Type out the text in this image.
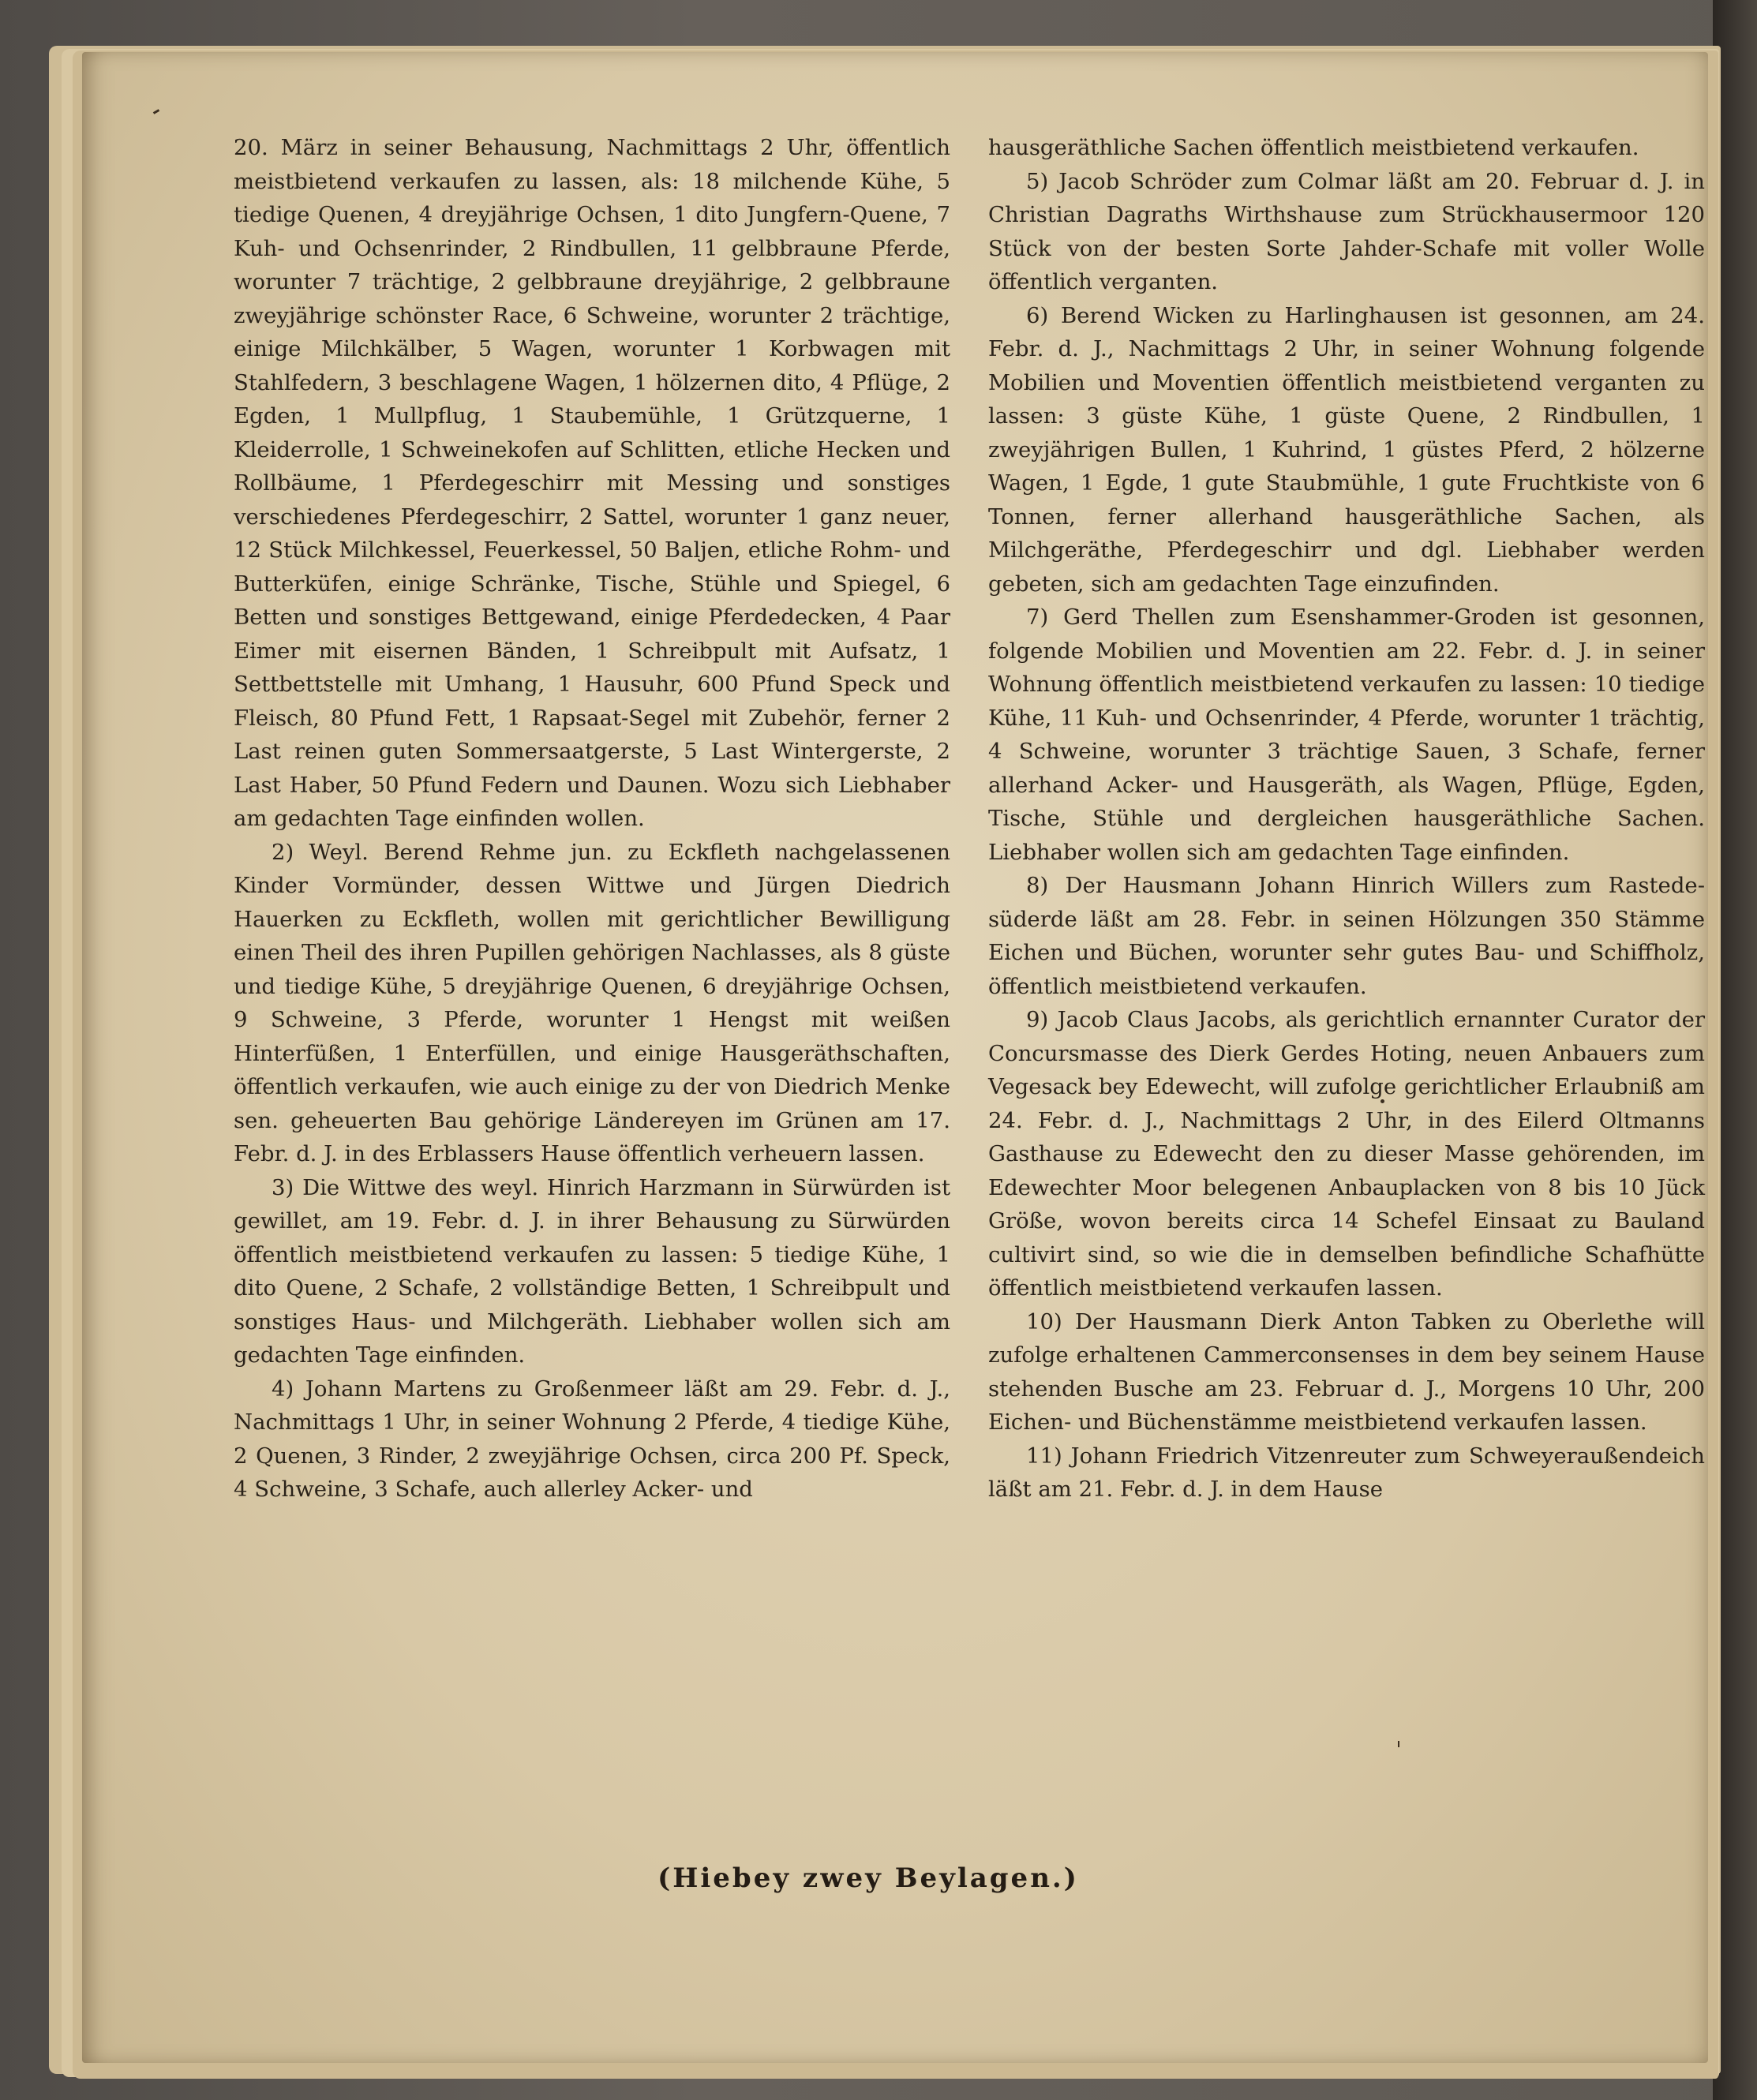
20. März in seiner Behausung, Nachmittags 2 Uhr, öffentlich meistbietend verkaufen zu lassen, als: 18 milchende Kühe, 5 tiedige Quenen, 4 dreyjährige Ochsen, 1 dito Jungfern-Quene, 7 Kuh- und Ochsenrinder, 2 Rindbullen, 11 gelbbraune Pferde, worunter 7 trächtige, 2 gelbbraune dreyjährige, 2 gelbbraune zweyjährige schönster Race, 6 Schweine, worunter 2 trächtige, einige Milchkälber, 5 Wagen, worunter 1 Korbwagen mit Stahlfedern, 3 beschlagene Wagen, 1 hölzernen dito, 4 Pflüge, 2 Egden, 1 Mullpflug, 1 Staubemühle, 1 Grützquerne, 1 Kleiderrolle, 1 Schweinekofen auf Schlitten, etliche Hecken und Rollbäume, 1 Pferdegeschirr mit Messing und sonstiges verschiedenes Pferdegeschirr, 2 Sattel, worunter 1 ganz neuer, 12 Stück Milchkessel, Feuerkessel, 50 Baljen, etliche Rohm- und Butterküfen, einige Schränke, Tische, Stühle und Spiegel, 6 Betten und sonstiges Bettgewand, einige Pferdedecken, 4 Paar Eimer mit eisernen Bänden, 1 Schreibpult mit Aufsatz, 1 Settbettstelle mit Umhang, 1 Hausuhr, 600 Pfund Speck und Fleisch, 80 Pfund Fett, 1 Rapsaat-Segel mit Zubehör, ferner 2 Last reinen guten Sommersaatgerste, 5 Last Wintergerste, 2 Last Haber, 50 Pfund Federn und Daunen. Wozu sich Liebhaber am gedachten Tage einfinden wollen.

2) Weyl. Berend Rehme jun. zu Eckfleth nachgelassenen Kinder Vormünder, dessen Wittwe und Jürgen Diedrich Hauerken zu Eckfleth, wollen mit gerichtlicher Bewilligung einen Theil des ihren Pupillen gehörigen Nachlasses, als 8 güste und tiedige Kühe, 5 dreyjährige Quenen, 6 dreyjährige Ochsen, 9 Schweine, 3 Pferde, worunter 1 Hengst mit weißen Hinterfüßen, 1 Enterfüllen, und einige Hausgeräthschaften, öffentlich verkaufen, wie auch einige zu der von Diedrich Menke sen. geheuerten Bau gehörige Ländereyen im Grünen am 17. Febr. d. J. in des Erblassers Hause öffentlich verheuern lassen.

3) Die Wittwe des weyl. Hinrich Harzmann in Sürwürden ist gewillet, am 19. Febr. d. J. in ihrer Behausung zu Sürwürden öffentlich meistbietend verkaufen zu lassen: 5 tiedige Kühe, 1 dito Quene, 2 Schafe, 2 vollständige Betten, 1 Schreibpult und sonstiges Haus- und Milchgeräth. Liebhaber wollen sich am gedachten Tage einfinden.

4) Johann Martens zu Großenmeer läßt am 29. Febr. d. J., Nachmittags 1 Uhr, in seiner Wohnung 2 Pferde, 4 tiedige Kühe, 2 Quenen, 3 Rinder, 2 zweyjährige Ochsen, circa 200 Pf. Speck, 4 Schweine, 3 Schafe, auch allerley Acker- und

hausgeräthliche Sachen öffentlich meistbietend verkaufen.

5) Jacob Schröder zum Colmar läßt am 20. Februar d. J. in Christian Dagraths Wirthshause zum Strückhausermoor 120 Stück von der besten Sorte Jahder-Schafe mit voller Wolle öffentlich verganten.

6) Berend Wicken zu Harlinghausen ist gesonnen, am 24. Febr. d. J., Nachmittags 2 Uhr, in seiner Wohnung folgende Mobilien und Moventien öffentlich meistbietend verganten zu lassen: 3 güste Kühe, 1 güste Quene, 2 Rindbullen, 1 zweyjährigen Bullen, 1 Kuhrind, 1 güstes Pferd, 2 hölzerne Wagen, 1 Egde, 1 gute Staubmühle, 1 gute Fruchtkiste von 6 Tonnen, ferner allerhand hausgeräthliche Sachen, als Milchgeräthe, Pferdegeschirr und dgl. Liebhaber werden gebeten, sich am gedachten Tage einzufinden.

7) Gerd Thellen zum Esenshammer-Groden ist gesonnen, folgende Mobilien und Moventien am 22. Febr. d. J. in seiner Wohnung öffentlich meistbietend verkaufen zu lassen: 10 tiedige Kühe, 11 Kuh- und Ochsenrinder, 4 Pferde, worunter 1 trächtig, 4 Schweine, worunter 3 trächtige Sauen, 3 Schafe, ferner allerhand Acker- und Hausgeräth, als Wagen, Pflüge, Egden, Tische, Stühle und dergleichen hausgeräthliche Sachen. Liebhaber wollen sich am gedachten Tage einfinden.

8) Der Hausmann Johann Hinrich Willers zum Rastede-süderde läßt am 28. Febr. in seinen Hölzungen 350 Stämme Eichen und Büchen, worunter sehr gutes Bau- und Schiffholz, öffentlich meistbietend verkaufen.

9) Jacob Claus Jacobs, als gerichtlich ernannter Curator der Concursmasse des Dierk Gerdes Hoting, neuen Anbauers zum Vegesack bey Edewecht, will zufolge gerichtlicher Erlaubniß am 24. Febr. d. J., Nachmittags 2 Uhr, in des Eilerd Oltmanns Gasthause zu Edewecht den zu dieser Masse gehörenden, im Edewechter Moor belegenen Anbauplacken von 8 bis 10 Jück Größe, wovon bereits circa 14 Schefel Einsaat zu Bauland cultivirt sind, so wie die in demselben befindliche Schafhütte öffentlich meistbietend verkaufen lassen.

10) Der Hausmann Dierk Anton Tabken zu Oberlethe will zufolge erhaltenen Cammerconsenses in dem bey seinem Hause stehenden Busche am 23. Februar d. J., Morgens 10 Uhr, 200 Eichen- und Büchenstämme meistbietend verkaufen lassen.

11) Johann Friedrich Vitzenreuter zum Schweyeraußendeich läßt am 21. Febr. d. J. in dem Hause

(Hiebey zwey Beylagen.)
